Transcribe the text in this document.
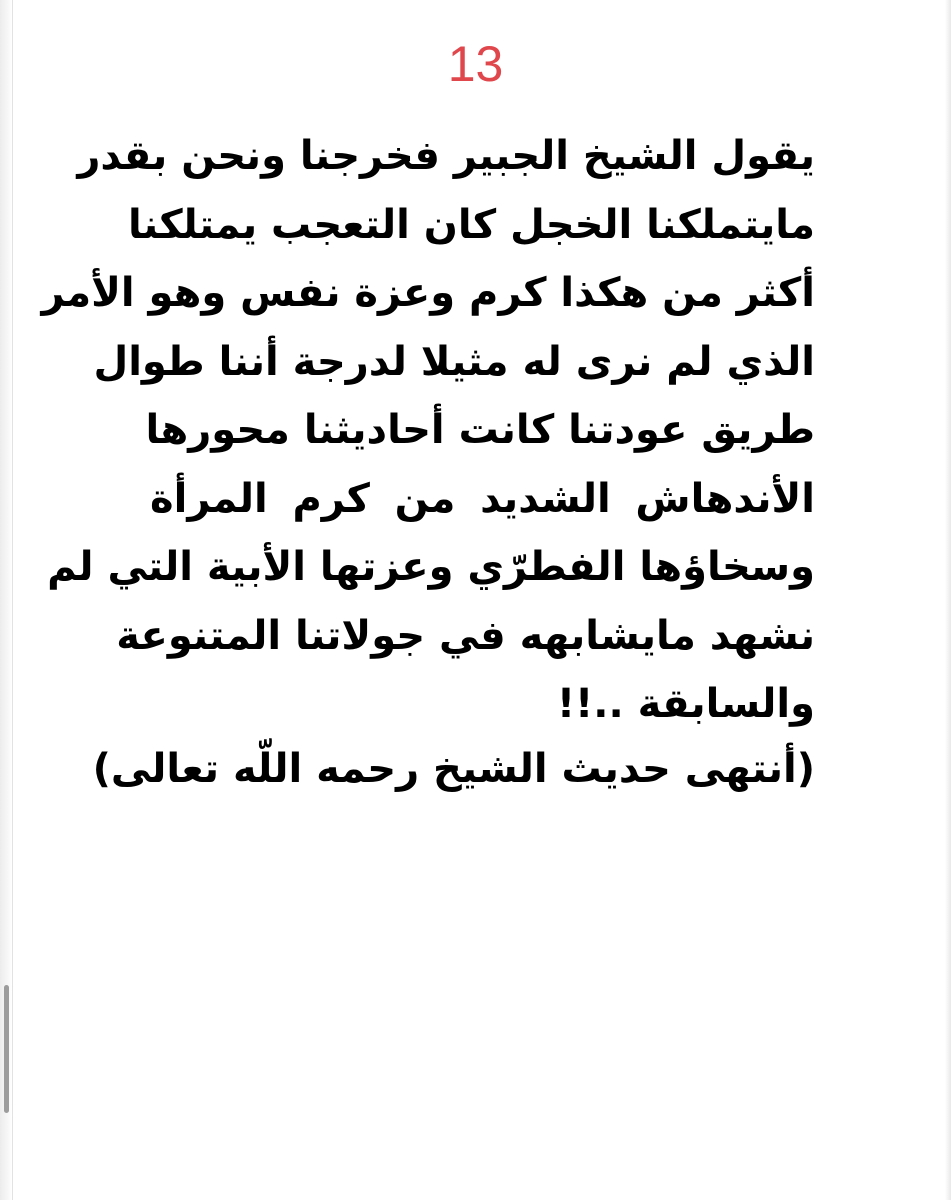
13
يقول الشيخ الجبير فخرجنا ونحن بقدر
مايتملكنا الخجل كان التعجب يمتلكنا
أكثر من هكذا كرم وعزة نفس وهو الأمر
الذي لم نرى له مثيلا لدرجة أننا طوال
طريق عودتنا كانت أحاديثنا محورها
الأندهاش الشديد من كرم المرأة
وسخاؤها الفطرّي وعزتها الأبية التي لم
نشهد مايشابهه في جولاتنا المتنوعة
والسابقة ..!!
(أنتهى حديث الشيخ رحمه اللّه تعالى)
